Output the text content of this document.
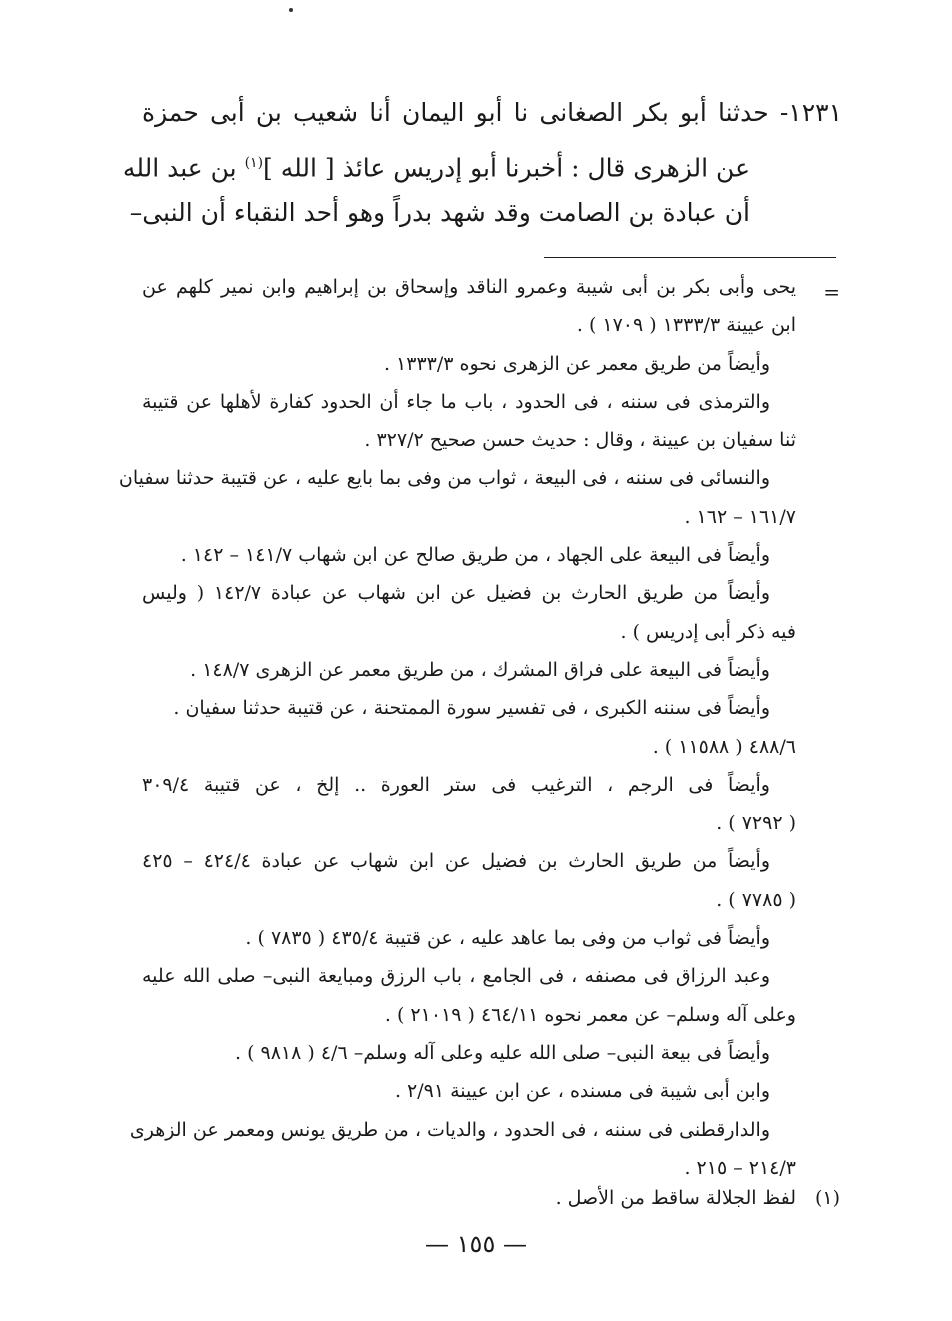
١٢٣١- حدثنا أبو بكر الصغانى نا أبو اليمان أنا شعيب بن أبى حمزة
عن الزهرى قال : أخبرنا أبو إدريس عائذ [ الله ]$^{(١)}$ بن عبد الله
أن عبادة بن الصامت وقد شهد بدراً وهو أحد النقباء أن النبى–
=
يحى وأبى بكر بن أبى شيبة وعمرو الناقد وإسحاق بن إبراهيم وابن نمير كلهم عن
ابن عيينة ١٣٣٣/٣ ( ١٧٠٩ ) .
وأيضاً من طريق معمر عن الزهرى نحوه ١٣٣٣/٣ .
والترمذى فى سننه ، فى الحدود ، باب ما جاء أن الحدود كفارة لأهلها عن قتيبة
ثنا سفيان بن عيينة ، وقال : حديث حسن صحيح ٣٢٧/٢ .
والنسائى فى سننه ، فى البيعة ، ثواب من وفى بما بايع عليه ، عن قتيبة حدثنا سفيان
١٦١/٧ – ١٦٢ .
وأيضاً فى البيعة على الجهاد ، من طريق صالح عن ابن شهاب ١٤١/٧ – ١٤٢ .
وأيضاً من طريق الحارث بن فضيل عن ابن شهاب عن عبادة ١٤٢/٧ ( وليس
فيه ذكر أبى إدريس ) .
وأيضاً فى البيعة على فراق المشرك ، من طريق معمر عن الزهرى ١٤٨/٧ .
وأيضاً فى سننه الكبرى ، فى تفسير سورة الممتحنة ، عن قتيبة حدثنا سفيان .
٤٨٨/٦ ( ١١٥٨٨ ) .
وأيضاً فى الرجم ، الترغيب فى ستر العورة .. إلخ ، عن قتيبة ٣٠٩/٤
( ٧٢٩٢ ) .
وأيضاً من طريق الحارث بن فضيل عن ابن شهاب عن عبادة ٤٢٤/٤ – ٤٢٥
( ٧٧٨٥ ) .
وأيضاً فى ثواب من وفى بما عاهد عليه ، عن قتيبة ٤٣٥/٤ ( ٧٨٣٥ ) .
وعبد الرزاق فى مصنفه ، فى الجامع ، باب الرزق ومبايعة النبى– صلى الله عليه
وعلى آله وسلم– عن معمر نحوه ٤٦٤/١١ ( ٢١٠١٩ ) .
وأيضاً فى بيعة النبى– صلى الله عليه وعلى آله وسلم– ٤/٦ ( ٩٨١٨ ) .
وابن أبى شيبة فى مسنده ، عن ابن عيينة ٢/٩١ .
والدارقطنى فى سننه ، فى الحدود ، والديات ، من طريق يونس ومعمر عن الزهرى
٢١٤/٣ – ٢١٥ .
(١)لفظ الجلالة ساقط من الأصل .
— ١٥٥ —
